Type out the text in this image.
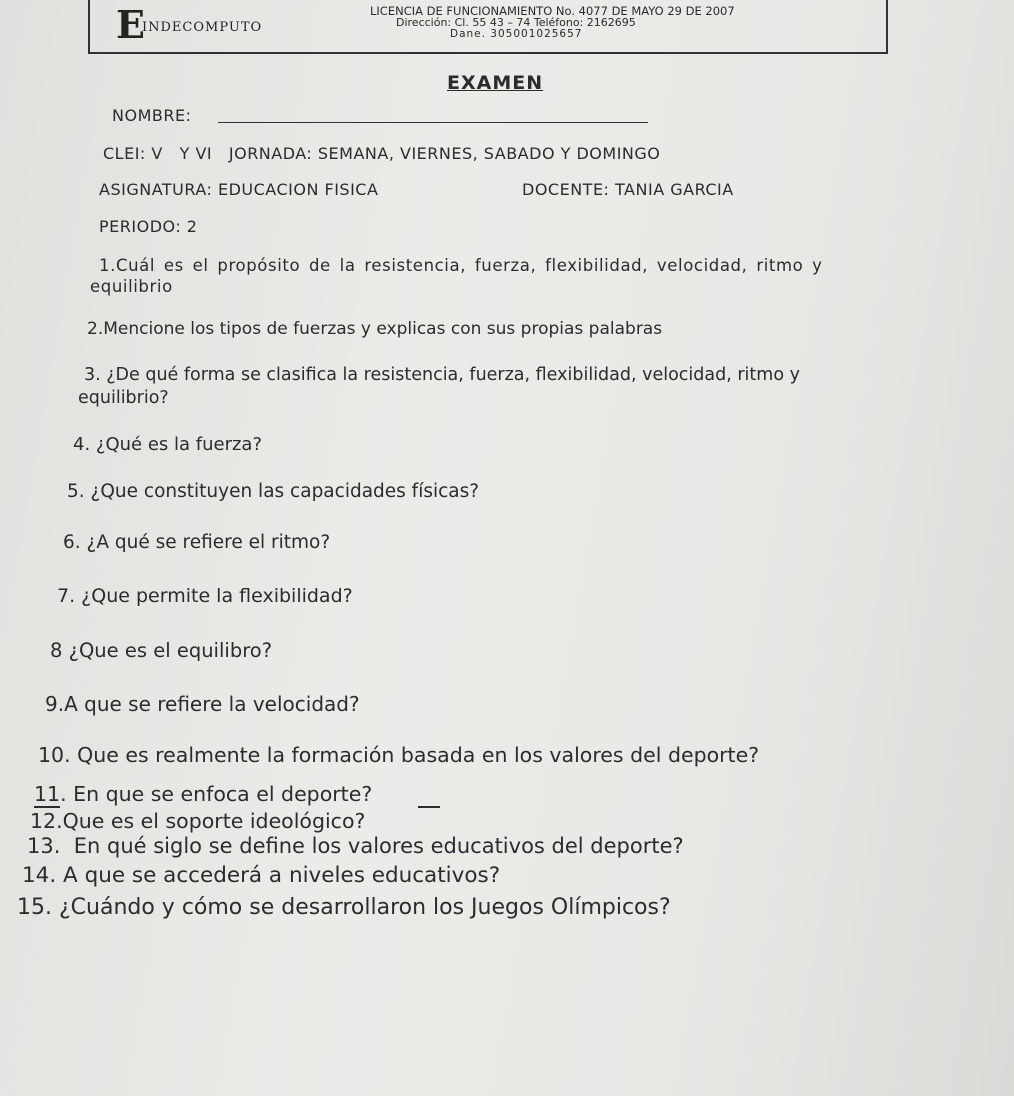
E
INDECOMPUTO
LICENCIA DE FUNCIONAMIENTO No. 4077 DE MAYO 29 DE 2007
Dirección: Cl. 55 43 – 74 Teléfono: 2162695
Dane. 305001025657
EXAMEN
NOMBRE:
CLEI: V   Y VI   JORNADA: SEMANA, VIERNES, SABADO Y DOMINGO
ASIGNATURA: EDUCACION FISICA	DOCENTE: TANIA GARCIA
PERIODO: 2
1.Cuál es el propósito de la resistencia, fuerza, flexibilidad, velocidad, ritmo y
equilibrio
2.Mencione los tipos de fuerzas y explicas con sus propias palabras
3. ¿De qué forma se clasifica la resistencia, fuerza, flexibilidad, velocidad, ritmo y
equilibrio?
4. ¿Qué es la fuerza?
5. ¿Que constituyen las capacidades físicas?
6. ¿A qué se refiere el ritmo?
7. ¿Que permite la flexibilidad?
8 ¿Que es el equilibro?
9.A que se refiere la velocidad?
10. Que es realmente la formación basada en los valores del deporte?
11. En que se enfoca el deporte?
12.Que es el soporte ideológico?
13.  En qué siglo se define los valores educativos del deporte?
14. A que se accederá a niveles educativos?
15. ¿Cuándo y cómo se desarrollaron los Juegos Olímpicos?
